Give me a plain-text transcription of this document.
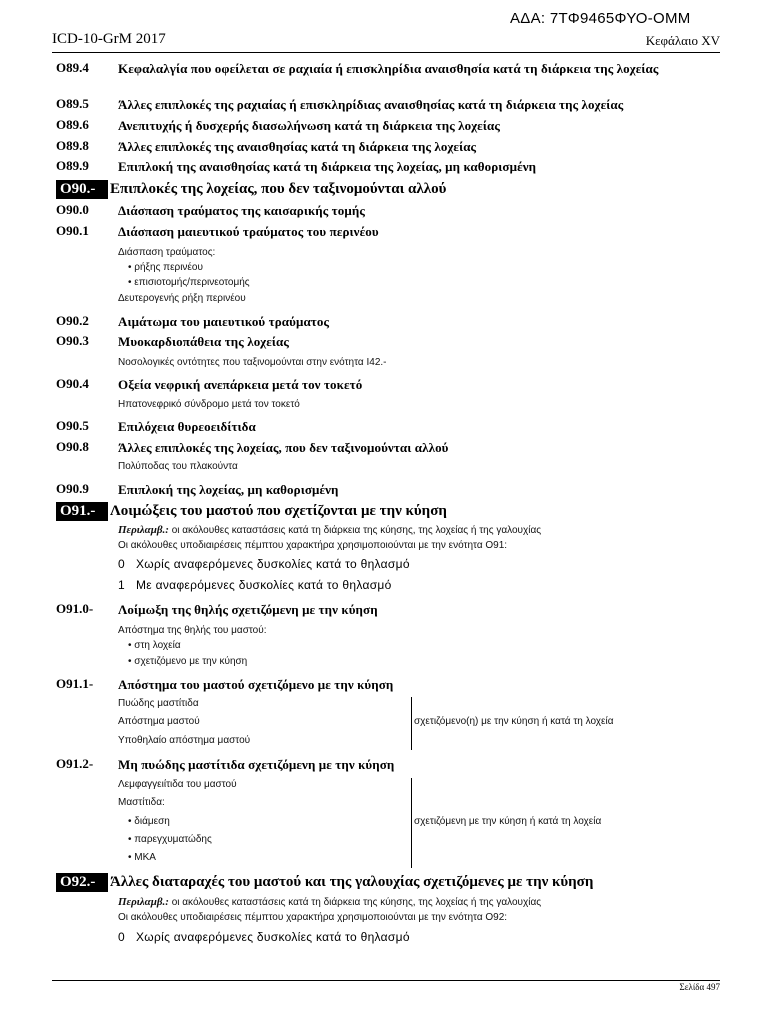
ΑΔΑ: 7ΤΦ9465ΦΥΟ-ΟΜΜ
ICD-10-GrM 2017	Κεφάλαιο XV
O89.4	Κεφαλαλγία που οφείλεται σε ραχιαία ή επισκληρίδια αναισθησία κατά τη διάρκεια της λοχείας
O89.5	Άλλες επιπλοκές της ραχιαίας ή επισκληρίδιας αναισθησίας κατά τη διάρκεια της λοχείας
O89.6	Ανεπιτυχής ή δυσχερής διασωλήνωση κατά τη διάρκεια της λοχείας
O89.8	Άλλες επιπλοκές της αναισθησίας κατά τη διάρκεια της λοχείας
O89.9	Επιπλοκή της αναισθησίας κατά τη διάρκεια της λοχείας, μη καθορισμένη
O90.- Επιπλοκές της λοχείας, που δεν ταξινομούνται αλλού
O90.0	Διάσπαση τραύματος της καισαρικής τομής
O90.1	Διάσπαση μαιευτικού τραύματος του περινέου
Διάσπαση τραύματος:
• ρήξης περινέου
• επισιοτομής/περινεοτομής
Δευτερογενής ρήξη περινέου
O90.2	Αιμάτωμα του μαιευτικού τραύματος
O90.3	Μυοκαρδιοπάθεια της λοχείας
Νοσολογικές οντότητες που ταξινομούνται στην ενότητα I42.-
O90.4	Οξεία νεφρική ανεπάρκεια μετά τον τοκετό
Ηπατονεφρικό σύνδρομο μετά τον τοκετό
O90.5	Επιλόχεια θυρεοειδίτιδα
O90.8	Άλλες επιπλοκές της λοχείας, που δεν ταξινομούνται αλλού
Πολύποδας του πλακούντα
O90.9	Επιπλοκή της λοχείας, μη καθορισμένη
O91.- Λοιμώξεις του μαστού που σχετίζονται με την κύηση
Περιλαμβ.: οι ακόλουθες καταστάσεις κατά τη διάρκεια της κύησης, της λοχείας ή της γαλουχίας
Οι ακόλουθες υποδιαιρέσεις πέμπτου χαρακτήρα χρησιμοποιούνται με την ενότητα O91:
0 Χωρίς αναφερόμενες δυσκολίες κατά το θηλασμό
1 Με αναφερόμενες δυσκολίες κατά το θηλασμό
O91.0-	Λοίμωξη της θηλής σχετιζόμενη με την κύηση
Απόστημα της θηλής του μαστού:
• στη λοχεία
• σχετιζόμενο με την κύηση
O91.1-	Απόστημα του μαστού σχετιζόμενο με την κύηση
Πυώδης μαστίτιδα
Απόστημα μαστού
Υποθηλαίο απόστημα μαστού
σχετιζόμενο(η) με την κύηση ή κατά τη λοχεία
O91.2-	Μη πυώδης μαστίτιδα σχετιζόμενη με την κύηση
Λεμφαγγειίτιδα του μαστού
Μαστίτιδα:
• διάμεση
• παρεγχυματώδης
• ΜΚΑ
σχετιζόμενη με την κύηση ή κατά τη λοχεία
O92.- Άλλες διαταραχές του μαστού και της γαλουχίας σχετιζόμενες με την κύηση
Περιλαμβ.: οι ακόλουθες καταστάσεις κατά τη διάρκεια της κύησης, της λοχείας ή της γαλουχίας
Οι ακόλουθες υποδιαιρέσεις πέμπτου χαρακτήρα χρησιμοποιούνται με την ενότητα O92:
0 Χωρίς αναφερόμενες δυσκολίες κατά το θηλασμό
Σελίδα 497
